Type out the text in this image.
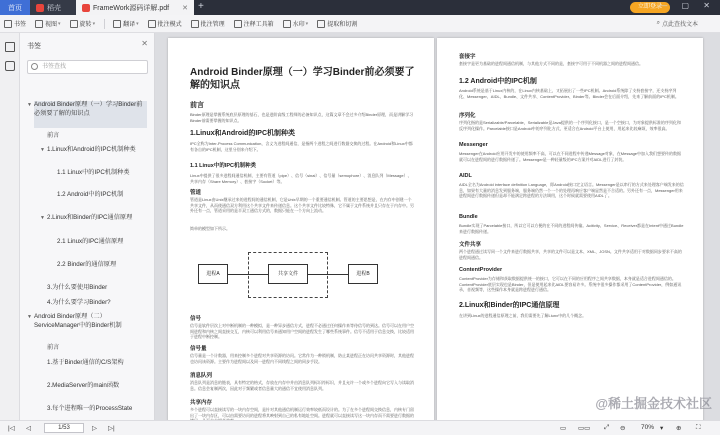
首页	稻壳	FrameWork源码详解.pdf ✕ +	立即登录
— ▢ ✕
书签	视图 ▾	旋转 ▾	翻译 ▾	批注模式	批注管理	注释工具箱	水印 ▾	提取和切割	⌕ 点此查找文本
书签	✕
书签查找
▼ Android Binder原理（一）学习Binder前必须要了解的知识点
前言
▼ 1.Linux和Android的IPC机制种类
1.1 Linux中的IPC机制种类
1.2 Android中的IPC机制
▼ 2.Linux和Binder的IPC通信原理
2.1 Linux的IPC通信原理
2.2 Binder的通信原理
3.为什么要使用Binder
4.为什么要学习Binder?
▼ Android Binder原理（二）ServiceManager中的Binder机制
前言
1.基于Binder通信的C/S架构
2.MediaServer的main函数
3.每个进程唯一的ProcessState
Android Binder原理（一）学习Binder前必须要了解的知识点
前言
Binder原理是掌握系统底层原理的基石，也是进阶高级工程师的必备知识点，这篇文章不会过多介绍Binder原理，而是讲解学习Binder前需要掌握的知识点。
1.Linux和Android的IPC机制种类
IPC全称为Inter-Process Communication，含义为进程间通信，是指两个进程之间进行数据交换的过程。在Android和Linux中都有各自的IPC机制，这里分别来介绍下。
1.1 Linux中的IPC机制种类
Linux中提供了很多进程间通信机制，主要有管道（pipe）、信号（sinal）、信号量（semophore）、消息队列（Message）、共享内存（Share Memory）、套接字（Socket）等。
管道
管道是Linux由Unix继承过来的进程间的通信机制，它是Unix早期的一个重要通信机制。管道的主要思想是，在内存中创建一个共享文件，从而使通信双方利用这个共享文件来传递信息。这个共享文件比较特殊，它不属于文件系统并且只存在于内存中。另外还有一点，管道采用的是半双工通信方式的，数据只能在一个方向上流动。
简单的模型如下所示。
进程A	共享文件	进程B
信号
信号是软件层次上对中断机制的一种模拟，是一种异步通信方式，进程不必通过任何操作来等待信号的到达。信号可以在用户空间进程和内核之间直接交互，内核可以利用信号来通知用户空间的进程发生了哪些系统事件。信号不适用于信息交换，比较适用于进程中断控制。
信号量
信号量是一个计数器，用来控制多个进程对共享资源的访问。它常作为一种锁机制，防止某进程正在访问共享资源时，其他进程也访问该资源。主要作为进程间以及同一进程内不同线程之间的同步手段。
消息队列
消息队列是消息的链表，具有特定的格式，存放在内存中并由消息队列标识符标识，并且允许一个或多个进程向它写入与读取消息。信息会复制两次，因此对于频繁或者信息量大的通信不宜使用消息队列。
共享内存
多个进程可以直接读写的一块内存空间，是针对其他通信机制运行效率较低而设计的。为了在多个进程间交换信息，内核专门留出了一块内存区，可以由需要访问的进程将其映射到自己的私有地址空间。进程就可以直接读写这一块内存而不需要进行数据的
套接字
套接字是更为基础的进程间通信机制，与其他方式不同的是，套接字可用于不同机器之间的进程间通信。
1.2 Android中的IPC机制
Android系统是基于Linux内核的，在Linux内核基础上，又拓展出了一些IPC机制。Android系统除了支持套接字，还支持序列化、Messenger、AIDL、Bundle、文件共享、ContentProvider、Binder等。Binder会在后面介绍，先来了解前面的IPC机制。
序列化
序列化指的是Serializable/Parcelable，Serializable是Java提供的一个序列化接口，是一个空接口，为对象提供标准的序列化和反序列化操作。Parcelable接口是Android中的序列化方式，更适合在Android平台上使用，用起来比较麻烦，效率很高。
Messenger
Messenger在Android应用开发中的使用频率不高，可以在不同进程中传递Message对象，在Message中加入我们想要传的数据就可以在进程间的进行数据传递了。Messenger是一种轻量级的IPC方案并对AIDL进行了封装。
AIDL
AIDL全名为Android interface definition Language，即Android接口定义语言。Messenger是以串行的方式来处理客户端发来的信息，如果有大量的消息发到服务端，服务端仍然一个一个的处理再响应客户端显然是不合适的。另外还有一点，Messenger用来进程间进行数据传递但是却不能满足跨进程的方法调用，这个时候就需要使用AIDL了。
Bundle
Bundle实现了Parcelable接口，所以它可以方便的在不同的进程间传输。Acitivity、Service、Receiver都是在Intent中通过Bundle来进行数据传递。
文件共享
两个进程通过读写同一个文件来进行数据共享，共享的文件可以是文本、XML、JOSN。文件共享适用于对数据同步要求不高的进程间通信。
ContentProvider
ContentProvider为存储和获取数据提供统一的接口，它可以在不同的应用程序之间共享数据，本身就是适合进程间通信的。ContentProvider底层实现也是Binder，但是使用起来比AIDL要容易许多。系统中很多操作都采用了ContentProvider，例如通讯录，音视频等，这些操作本身就是跨进程进行通信。
2.Linux和Binder的IPC通信原理
在讲到Linux的进程通信原理之前，我们需要先了解Liunx中的几个概念。
@稀土掘金技术社区
|◁ ◁	1/53	▷ ▷|	▭ ▭▭ ⤢ ⊖ 70% ▾ ⊕ ⛶
